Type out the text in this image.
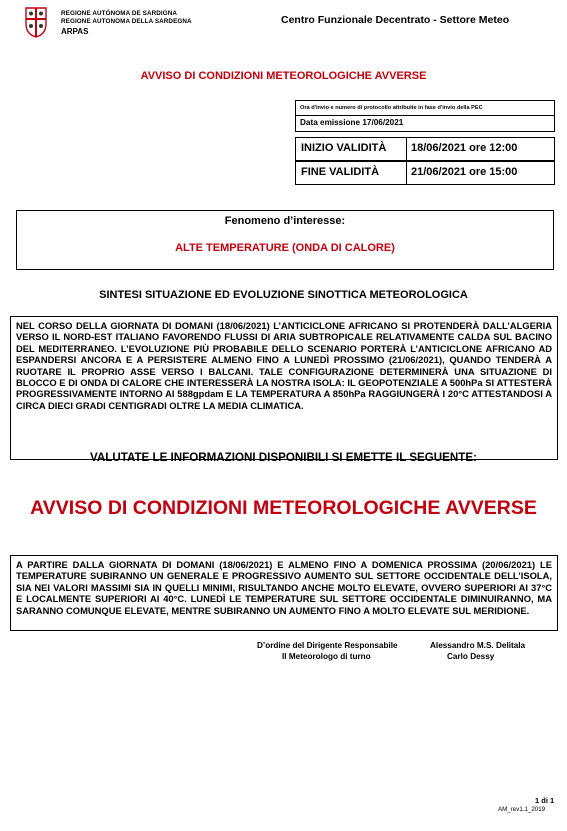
REGIONE AUTÒNOMA DE SARDIGNA
REGIONE AUTONOMA DELLA SARDEGNA
ARPAS
Centro Funzionale Decentrato - Settore Meteo
AVVISO DI CONDIZIONI METEOROLOGICHE AVVERSE
Ora d'invio e numero di protocollo attribuite in fase d'invio della PEC
Data emissione 17/06/2021
INIZIO VALIDITÀ 18/06/2021 ore 12:00
FINE VALIDITÀ	21/06/2021 ore 15:00
Fenomeno d’interesse:
ALTE TEMPERATURE (ONDA DI CALORE)
SINTESI SITUAZIONE ED EVOLUZIONE SINOTTICA METEOROLOGICA
NEL CORSO DELLA GIORNATA DI DOMANI (18/06/2021) L’ANTICICLONE AFRICANO SI PROTENDERÀ DALL’ALGERIA VERSO IL NORD-EST ITALIANO FAVORENDO FLUSSI DI ARIA SUBTROPICALE RELATIVAMENTE CALDA SUL BACINO DEL MEDITERRANEO. L’EVOLUZIONE PIÙ PROBABILE DELLO SCENARIO PORTERÀ L’ANTICICLONE AFRICANO AD ESPANDERSI ANCORA E A PERSISTERE ALMENO FINO A LUNEDÌ PROSSIMO (21/06/2021), QUANDO TENDERÀ A RUOTARE IL PROPRIO ASSE VERSO I BALCANI. TALE CONFIGURAZIONE DETERMINERÀ UNA SITUAZIONE DI BLOCCO E DI ONDA DI CALORE CHE INTERESSERÀ LA NOSTRA ISOLA: IL GEOPOTENZIALE A 500hPa SI ATTESTERÀ PROGRESSIVAMENTE INTORNO AI 588gpdam E LA TEMPERATURA A 850hPa RAGGIUNGERÀ I 20°C ATTESTANDOSI A CIRCA DIECI GRADI CENTIGRADI OLTRE LA MEDIA CLIMATICA.
VALUTATE LE INFORMAZIONI DISPONIBILI SI EMETTE IL SEGUENTE:
AVVISO DI CONDIZIONI METEOROLOGICHE AVVERSE
A PARTIRE DALLA GIORNATA DI DOMANI (18/06/2021) E ALMENO FINO A DOMENICA PROSSIMA (20/06/2021) LE TEMPERATURE SUBIRANNO UN GENERALE E PROGRESSIVO AUMENTO SUL SETTORE OCCIDENTALE DELL’ISOLA, SIA NEI VALORI MASSIMI SIA IN QUELLI MINIMI, RISULTANDO ANCHE MOLTO ELEVATE, OVVERO SUPERIORI AI 37°C E LOCALMENTE SUPERIORI AI 40°C. LUNEDÌ LE TEMPERATURE SUL SETTORE OCCIDENTALE DIMINUIRANNO, MA SARANNO COMUNQUE ELEVATE, MENTRE SUBIRANNO UN AUMENTO FINO A MOLTO ELEVATE SUL MERIDIONE.
D’ordine del Dirigente Responsabile	Alessandro M.S. Delitala
Il Meteorologo di turno	Carlo Dessy
1 di 1
AM_rev1.1_2019
